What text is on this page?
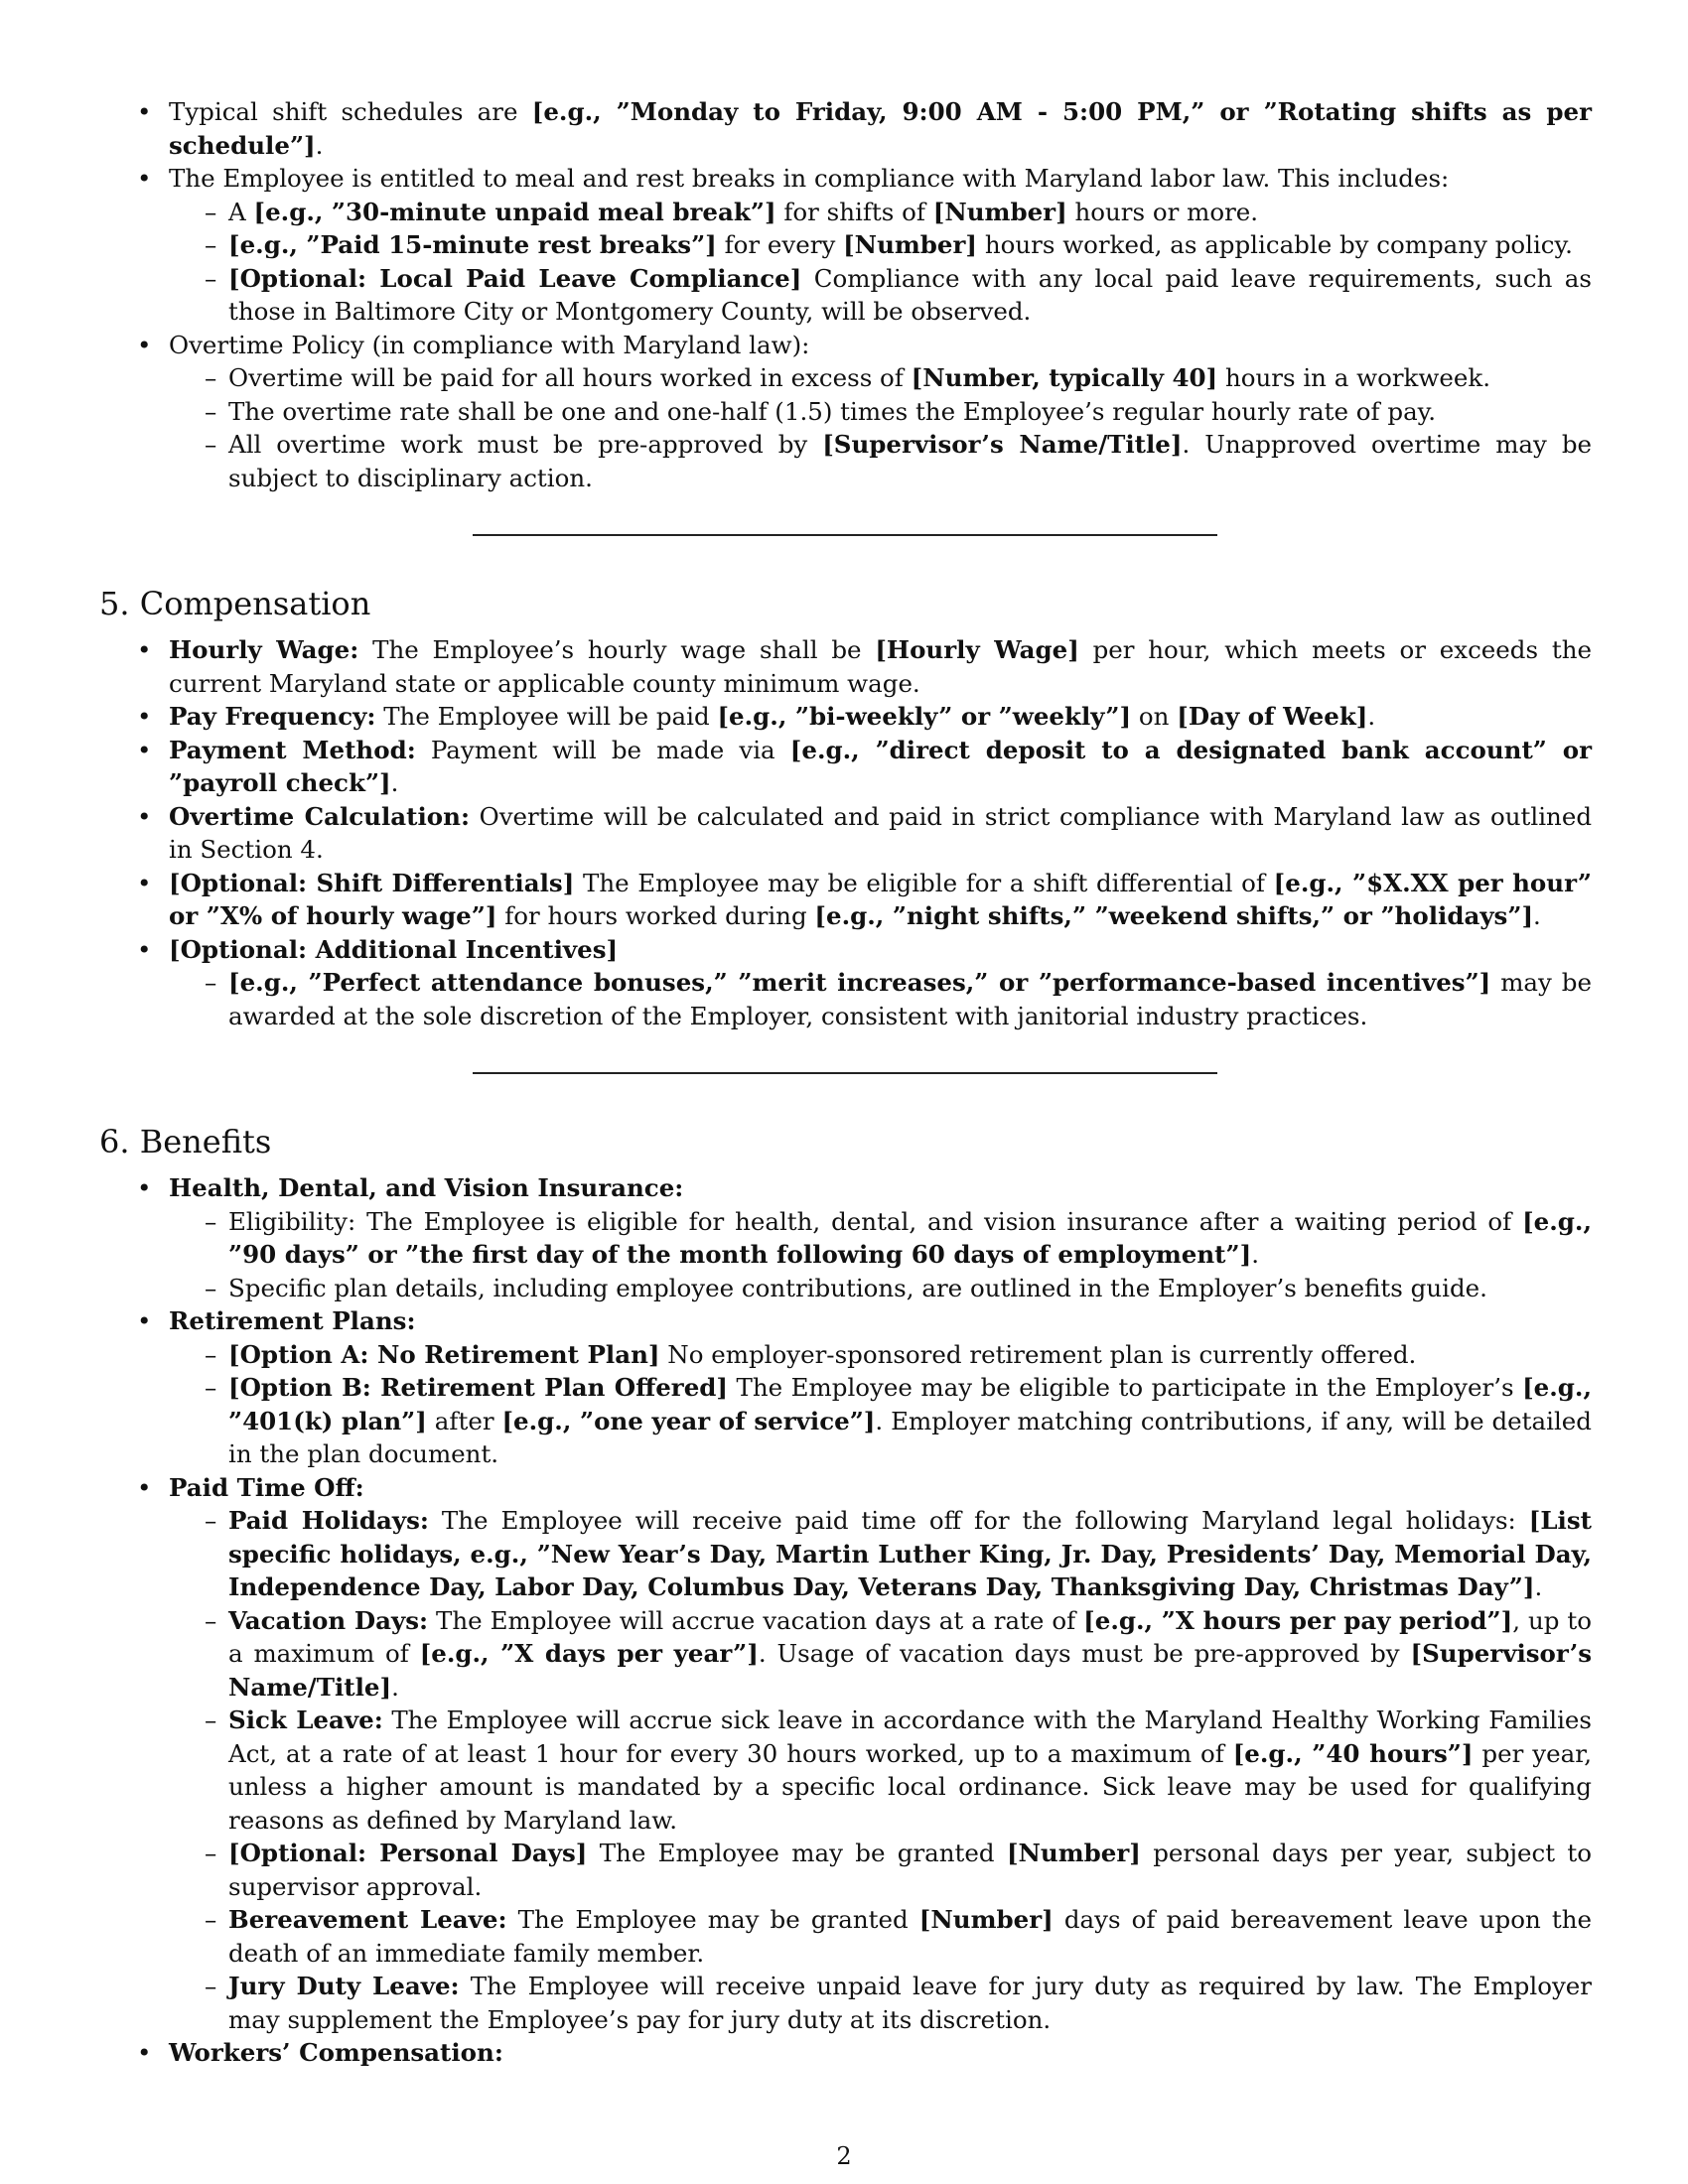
• Typical shift schedules are [e.g., ”Monday to Friday, 9:00 AM - 5:00 PM,” or ”Rotating shifts as per schedule”].
• The Employee is entitled to meal and rest breaks in compliance with Maryland labor law. This includes:
– A [e.g., ”30-minute unpaid meal break”] for shifts of [Number] hours or more.
– [e.g., ”Paid 15-minute rest breaks”] for every [Number] hours worked, as applicable by company policy.
– [Optional: Local Paid Leave Compliance] Compliance with any local paid leave requirements, such as those in Baltimore City or Montgomery County, will be observed.
• Overtime Policy (in compliance with Maryland law):
– Overtime will be paid for all hours worked in excess of [Number, typically 40] hours in a workweek.
– The overtime rate shall be one and one-half (1.5) times the Employee’s regular hourly rate of pay.
– All overtime work must be pre-approved by [Supervisor’s Name/Title]. Unapproved overtime may be subject to disciplinary action.
5. Compensation
• Hourly Wage: The Employee’s hourly wage shall be [Hourly Wage] per hour, which meets or exceeds the current Maryland state or applicable county minimum wage.
• Pay Frequency: The Employee will be paid [e.g., ”bi-weekly” or ”weekly”] on [Day of Week].
• Payment Method: Payment will be made via [e.g., ”direct deposit to a designated bank account” or ”payroll check”].
• Overtime Calculation: Overtime will be calculated and paid in strict compliance with Maryland law as outlined in Section 4.
• [Optional: Shift Differentials] The Employee may be eligible for a shift differential of [e.g., ”$X.XX per hour” or ”X% of hourly wage”] for hours worked during [e.g., ”night shifts,” ”weekend shifts,” or ”holidays”].
• [Optional: Additional Incentives]
– [e.g., ”Perfect attendance bonuses,” ”merit increases,” or ”performance-based incentives”] may be awarded at the sole discretion of the Employer, consistent with janitorial industry practices.
6. Benefits
• Health, Dental, and Vision Insurance:
– Eligibility: The Employee is eligible for health, dental, and vision insurance after a waiting period of [e.g., ”90 days” or ”the first day of the month following 60 days of employment”].
– Specific plan details, including employee contributions, are outlined in the Employer’s benefits guide.
• Retirement Plans:
– [Option A: No Retirement Plan] No employer-sponsored retirement plan is currently offered.
– [Option B: Retirement Plan Offered] The Employee may be eligible to participate in the Employer’s [e.g., ”401(k) plan”] after [e.g., ”one year of service”]. Employer matching contributions, if any, will be detailed in the plan document.
• Paid Time Off:
– Paid Holidays: The Employee will receive paid time off for the following Maryland legal holidays: [List specific holidays, e.g., ”New Year’s Day, Martin Luther King, Jr. Day, Presidents’ Day, Memorial Day, Independence Day, Labor Day, Columbus Day, Veterans Day, Thanksgiving Day, Christmas Day”].
– Vacation Days: The Employee will accrue vacation days at a rate of [e.g., ”X hours per pay period”], up to a maximum of [e.g., ”X days per year”]. Usage of vacation days must be pre-approved by [Supervisor’s Name/Title].
– Sick Leave: The Employee will accrue sick leave in accordance with the Maryland Healthy Working Families Act, at a rate of at least 1 hour for every 30 hours worked, up to a maximum of [e.g., ”40 hours”] per year, unless a higher amount is mandated by a specific local ordinance. Sick leave may be used for qualifying reasons as defined by Maryland law.
– [Optional: Personal Days] The Employee may be granted [Number] personal days per year, subject to supervisor approval.
– Bereavement Leave: The Employee may be granted [Number] days of paid bereavement leave upon the death of an immediate family member.
– Jury Duty Leave: The Employee will receive unpaid leave for jury duty as required by law. The Employer may supplement the Employee’s pay for jury duty at its discretion.
• Workers’ Compensation:
2
